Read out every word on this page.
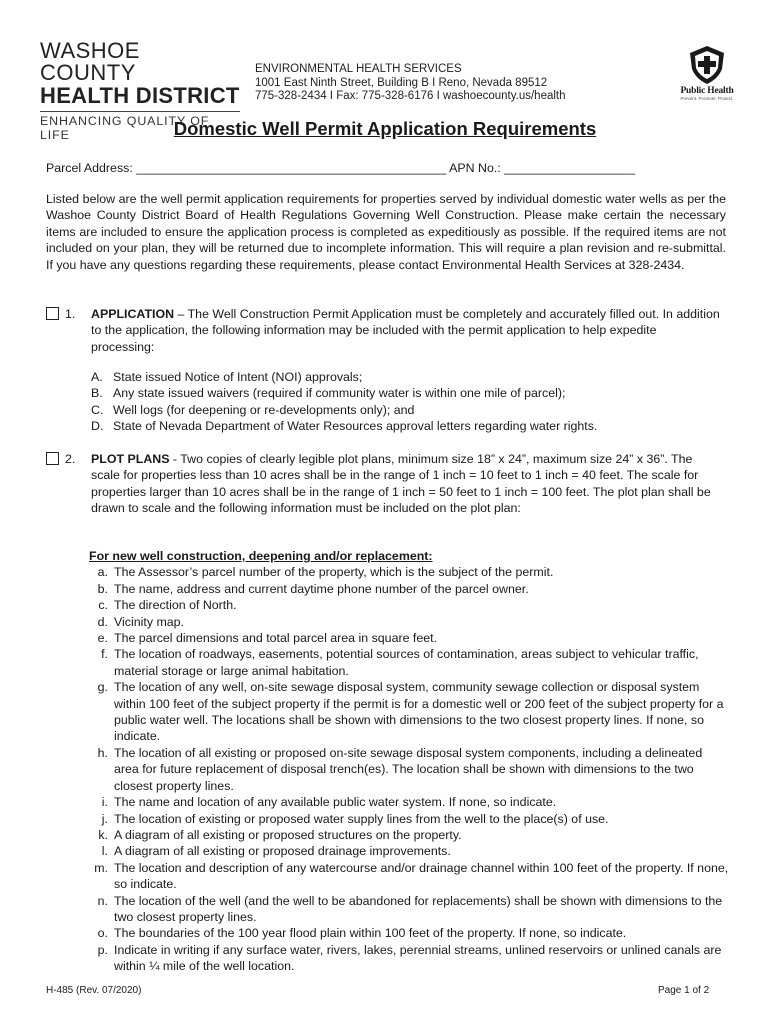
WASHOE COUNTY
HEALTH DISTRICT
ENHANCING QUALITY OF LIFE
ENVIRONMENTAL HEALTH SERVICES
1001 East Ninth Street, Building B I Reno, Nevada 89512
775-328-2434 I Fax: 775-328-6176 I washoecounty.us/health	Public Health
Prevent. Promote. Protect.
Domestic Well Permit Application Requirements
Parcel Address: _____________________________________________ APN No.: ___________________
Listed below are the well permit application requirements for properties served by individual domestic water wells as per the Washoe County District Board of Health Regulations Governing Well Construction. Please make certain the necessary items are included to ensure the application process is completed as expeditiously as possible. If the required items are not included on your plan, they will be returned due to incomplete information. This will require a plan revision and re-submittal. If you have any questions regarding these requirements, please contact Environmental Health Services at 328-2434.
1. APPLICATION – The Well Construction Permit Application must be completely and accurately filled out. In addition to the application, the following information may be included with the permit application to help expedite processing:
A. State issued Notice of Intent (NOI) approvals;
B. Any state issued waivers (required if community water is within one mile of parcel);
C. Well logs (for deepening or re-developments only); and
D. State of Nevada Department of Water Resources approval letters regarding water rights.
2. PLOT PLANS - Two copies of clearly legible plot plans, minimum size 18” x 24”, maximum size 24” x 36”. The scale for properties less than 10 acres shall be in the range of 1 inch = 10 feet to 1 inch = 40 feet. The scale for properties larger than 10 acres shall be in the range of 1 inch = 50 feet to 1 inch = 100 feet. The plot plan shall be drawn to scale and the following information must be included on the plot plan:
For new well construction, deepening and/or replacement:
a. The Assessor’s parcel number of the property, which is the subject of the permit.
b. The name, address and current daytime phone number of the parcel owner.
c. The direction of North.
d. Vicinity map.
e. The parcel dimensions and total parcel area in square feet.
f. The location of roadways, easements, potential sources of contamination, areas subject to vehicular traffic, material storage or large animal habitation.
g. The location of any well, on-site sewage disposal system, community sewage collection or disposal system within 100 feet of the subject property if the permit is for a domestic well or 200 feet of the subject property for a public water well. The locations shall be shown with dimensions to the two closest property lines. If none, so indicate.
h. The location of all existing or proposed on-site sewage disposal system components, including a delineated area for future replacement of disposal trench(es). The location shall be shown with dimensions to the two closest property lines.
i. The name and location of any available public water system. If none, so indicate.
j. The location of existing or proposed water supply lines from the well to the place(s) of use.
k. A diagram of all existing or proposed structures on the property.
l. A diagram of all existing or proposed drainage improvements.
m. The location and description of any watercourse and/or drainage channel within 100 feet of the property. If none, so indicate.
n. The location of the well (and the well to be abandoned for replacements) shall be shown with dimensions to the two closest property lines.
o. The boundaries of the 100 year flood plain within 100 feet of the property. If none, so indicate.
p. Indicate in writing if any surface water, rivers, lakes, perennial streams, unlined reservoirs or unlined canals are within ¼ mile of the well location.
H-485 (Rev. 07/2020)	Page 1 of 2
